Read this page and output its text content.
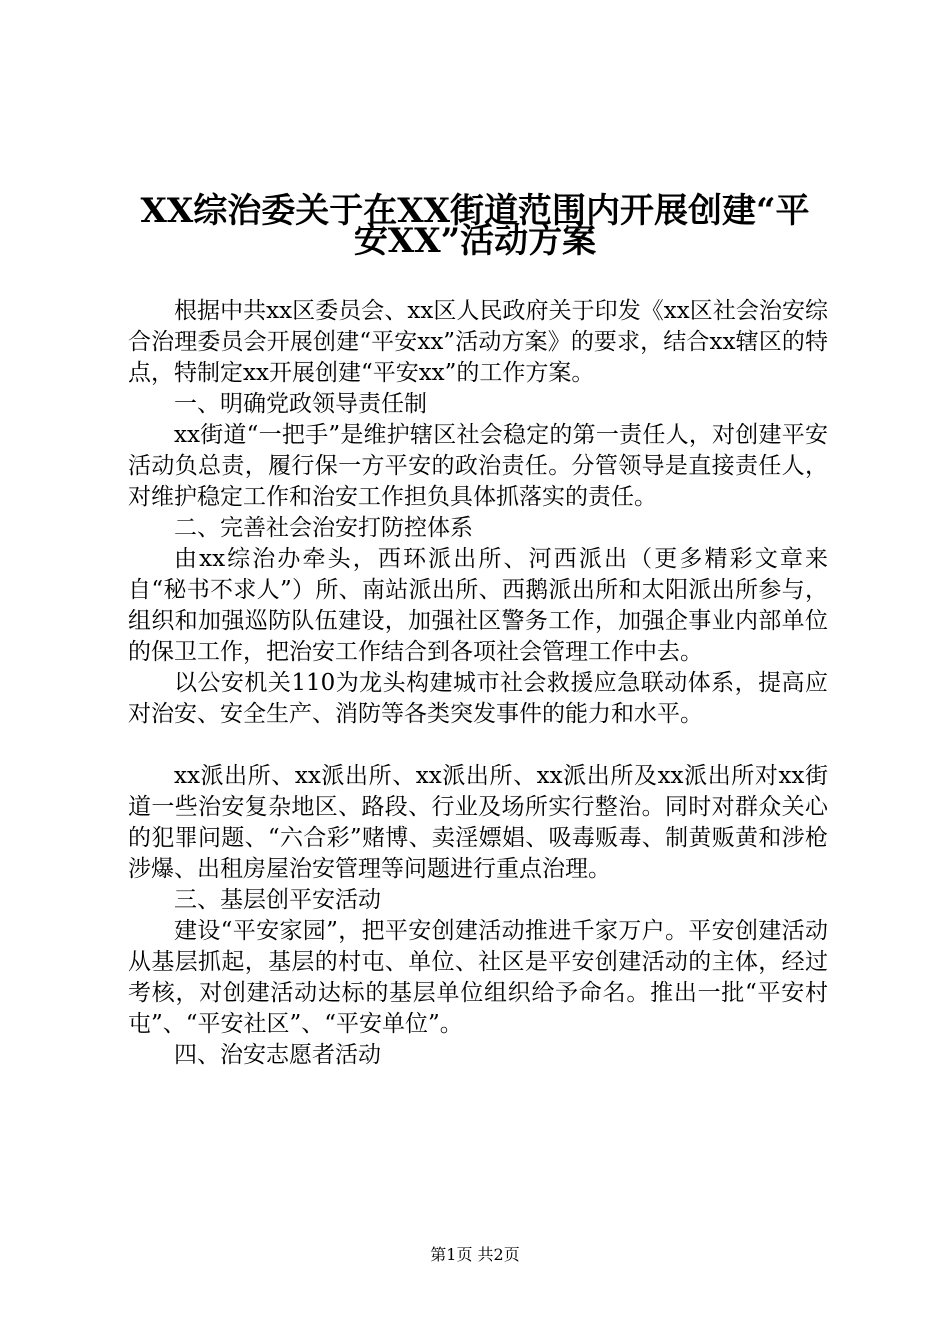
XX综治委关于在XX街道范围内开展创建“平
安XX”活动方案

根据中共xx区委员会、xx区人民政府关于印发《xx区社会治安综合治理委员会开展创建“平安xx”活动方案》的要求，结合xx辖区的特点，特制定xx开展创建“平安xx”的工作方案。

一、明确党政领导责任制

xx街道“一把手”是维护辖区社会稳定的第一责任人，对创建平安活动负总责，履行保一方平安的政治责任。分管领导是直接责任人，对维护稳定工作和治安工作担负具体抓落实的责任。

二、完善社会治安打防控体系

由xx综治办牵头，西环派出所、河西派出（更多精彩文章来自“秘书不求人”）所、南站派出所、西鹅派出所和太阳派出所参与，组织和加强巡防队伍建设，加强社区警务工作，加强企事业内部单位的保卫工作，把治安工作结合到各项社会管理工作中去。

以公安机关110为龙头构建城市社会救援应急联动体系，提高应对治安、安全生产、消防等各类突发事件的能力和水平。

xx派出所、xx派出所、xx派出所、xx派出所及xx派出所对xx街道一些治安复杂地区、路段、行业及场所实行整治。同时对群众关心的犯罪问题、“六合彩”赌博、卖淫嫖娼、吸毒贩毒、制黄贩黄和涉枪涉爆、出租房屋治安管理等问题进行重点治理。

三、基层创平安活动

建设“平安家园”，把平安创建活动推进千家万户。平安创建活动从基层抓起，基层的村屯、单位、社区是平安创建活动的主体，经过考核，对创建活动达标的基层单位组织给予命名。推出一批“平安村屯”、“平安社区”、“平安单位”。

四、治安志愿者活动

第1页 共2页
